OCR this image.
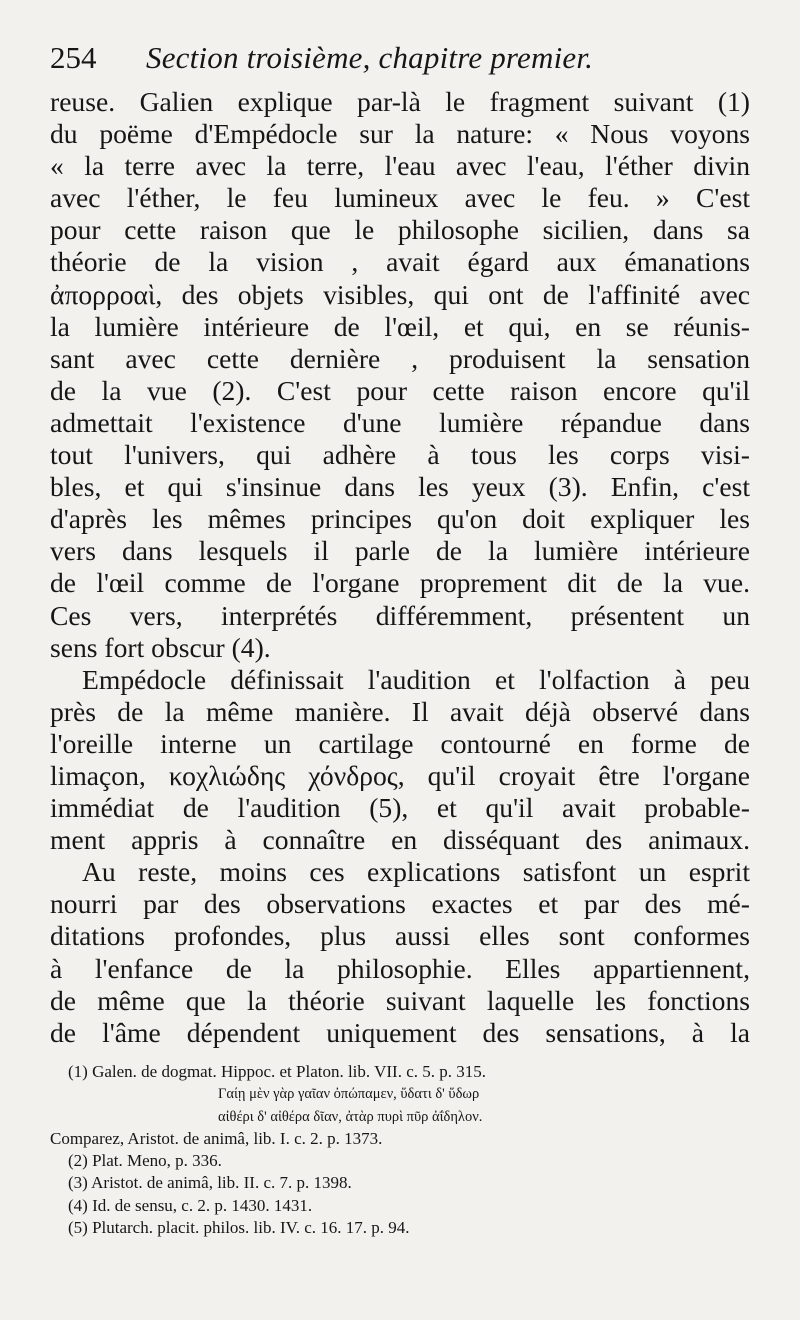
254 Section troisième, chapitre premier.
reuse. Galien explique par-là le fragment suivant (1)
du poëme d'Empédocle sur la nature: « Nous voyons
« la terre avec la terre, l'eau avec l'eau, l'éther divin
avec l'éther, le feu lumineux avec le feu. » C'est
pour cette raison que le philosophe sicilien, dans sa
théorie de la vision , avait égard aux émanations
ἀπορροαὶ, des objets visibles, qui ont de l'affinité avec
la lumière intérieure de l'œil, et qui, en se réunis-
sant avec cette dernière , produisent la sensation
de la vue (2). C'est pour cette raison encore qu'il
admettait l'existence d'une lumière répandue dans
tout l'univers, qui adhère à tous les corps visi-
bles, et qui s'insinue dans les yeux (3). Enfin, c'est
d'après les mêmes principes qu'on doit expliquer les
vers dans lesquels il parle de la lumière intérieure
de l'œil comme de l'organe proprement dit de la vue.
Ces vers, interprétés différemment, présentent un
sens fort obscur (4).
Empédocle définissait l'audition et l'olfaction à peu
près de la même manière. Il avait déjà observé dans
l'oreille interne un cartilage contourné en forme de
limaçon, κοχλιώδης χόνδρος, qu'il croyait être l'organe
immédiat de l'audition (5), et qu'il avait probable-
ment appris à connaître en disséquant des animaux.
Au reste, moins ces explications satisfont un esprit
nourri par des observations exactes et par des mé-
ditations profondes, plus aussi elles sont conformes
à l'enfance de la philosophie. Elles appartiennent,
de même que la théorie suivant laquelle les fonctions
de l'âme dépendent uniquement des sensations, à la
(1) Galen. de dogmat. Hippoc. et Platon. lib. VII. c. 5. p. 315.
Γαίῃ μὲν γὰρ γαῖαν ὀπώπαμεν, ὕδατι δ' ὕδωρ
αἰθέρι δ' αἰθέρα δῖαν, ἀτὰρ πυρὶ πῦρ ἀΐδηλον.
Comparez, Aristot. de animâ, lib. I. c. 2. p. 1373.
(2) Plat. Meno, p. 336.
(3) Aristot. de animâ, lib. II. c. 7. p. 1398.
(4) Id. de sensu, c. 2. p. 1430. 1431.
(5) Plutarch. placit. philos. lib. IV. c. 16. 17. p. 94.
